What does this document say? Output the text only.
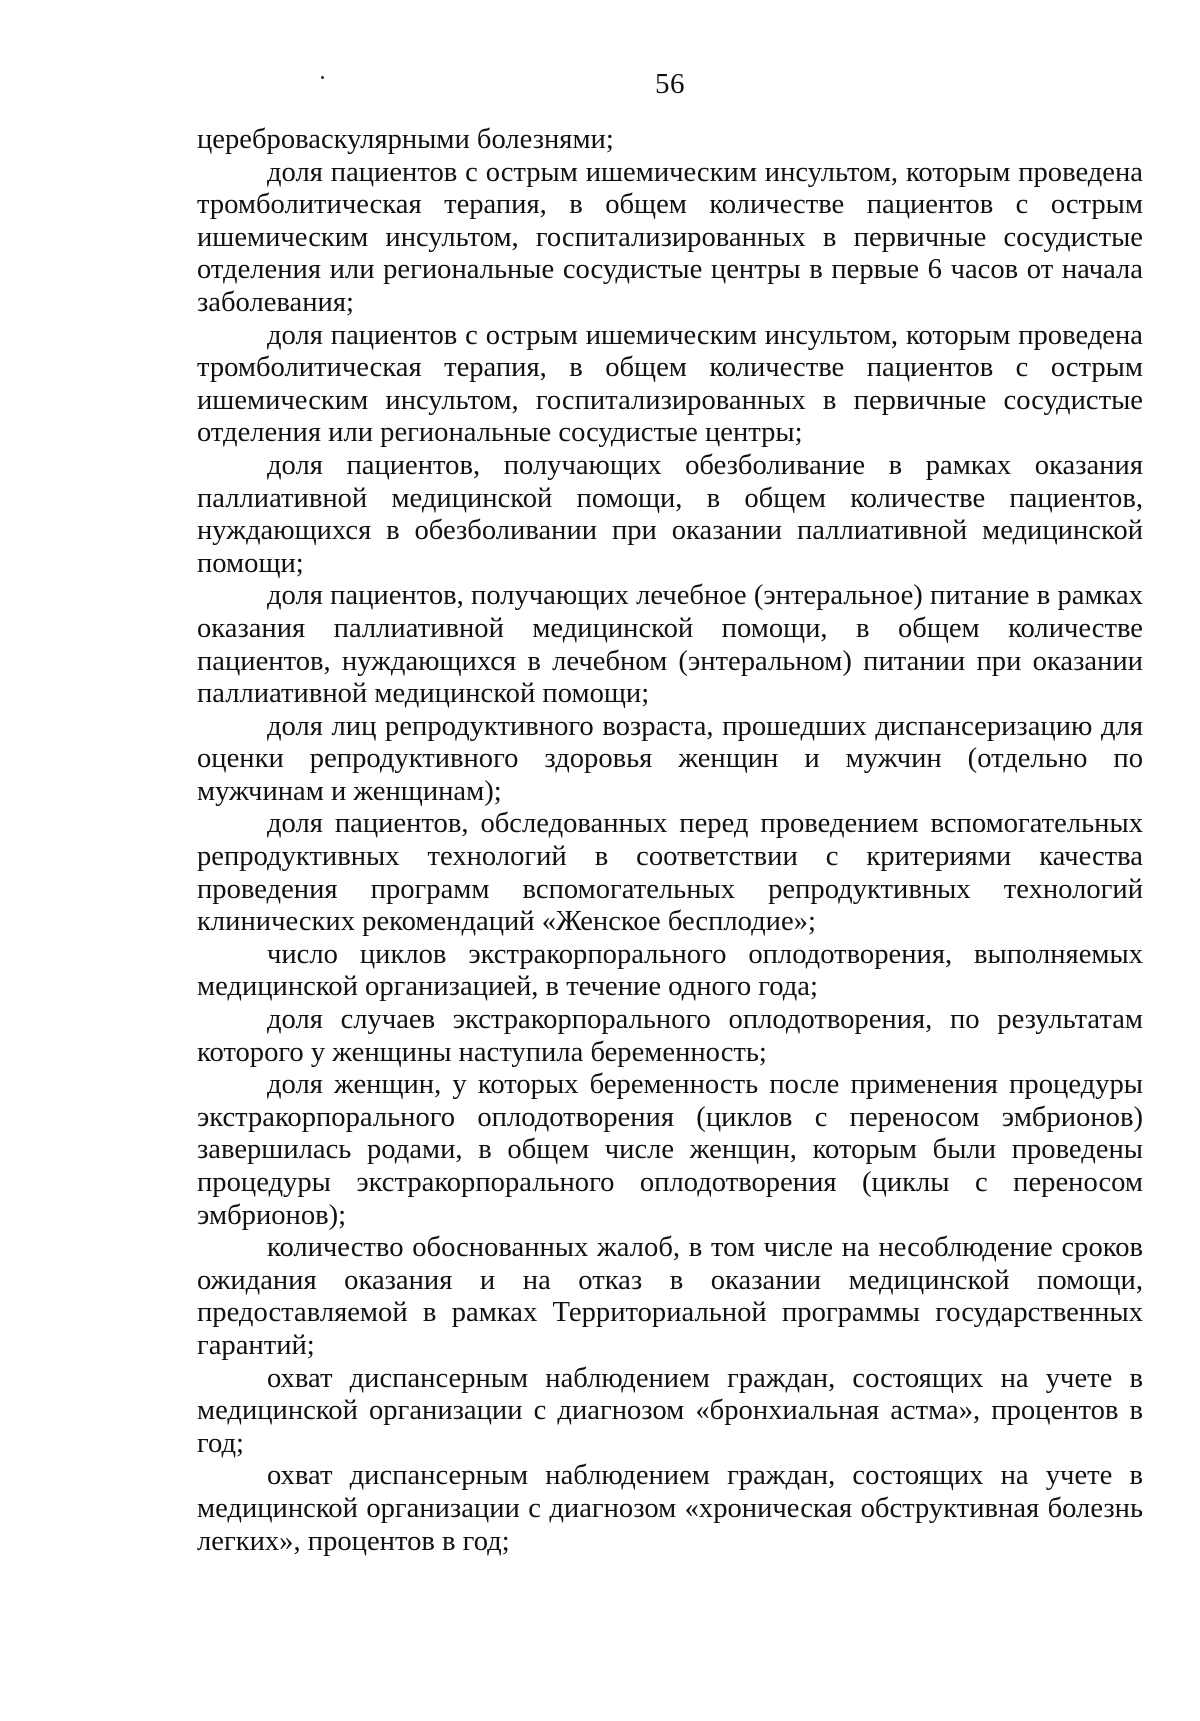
56

цереброваскулярными болезнями;

доля пациентов с острым ишемическим инсультом, которым проведена тромболитическая терапия, в общем количестве пациентов с острым ишемическим инсультом, госпитализированных в первичные сосудистые отделения или региональные сосудистые центры в первые 6 часов от начала заболевания;

доля пациентов с острым ишемическим инсультом, которым проведена тромболитическая терапия, в общем количестве пациентов с острым ишемическим инсультом, госпитализированных в первичные сосудистые отделения или региональные сосудистые центры;

доля пациентов, получающих обезболивание в рамках оказания паллиативной медицинской помощи, в общем количестве пациентов, нуждающихся в обезболивании при оказании паллиативной медицинской помощи;

доля пациентов, получающих лечебное (энтеральное) питание в рамках оказания паллиативной медицинской помощи, в общем количестве пациентов, нуждающихся в лечебном (энтеральном) питании при оказании паллиативной медицинской помощи;

доля лиц репродуктивного возраста, прошедших диспансеризацию для оценки репродуктивного здоровья женщин и мужчин (отдельно по мужчинам и женщинам);

доля пациентов, обследованных перед проведением вспомогательных репродуктивных технологий в соответствии с критериями качества проведения программ вспомогательных репродуктивных технологий клинических рекомендаций «Женское бесплодие»;

число циклов экстракорпорального оплодотворения, выполняемых медицинской организацией, в течение одного года;

доля случаев экстракорпорального оплодотворения, по результатам которого у женщины наступила беременность;

доля женщин, у которых беременность после применения процедуры экстракорпорального оплодотворения (циклов с переносом эмбрионов) завершилась родами, в общем числе женщин, которым были проведены процедуры экстракорпорального оплодотворения (циклы с переносом эмбрионов);

количество обоснованных жалоб, в том числе на несоблюдение сроков ожидания оказания и на отказ в оказании медицинской помощи, предоставляемой в рамках Территориальной программы государственных гарантий;

охват диспансерным наблюдением граждан, состоящих на учете в медицинской организации с диагнозом «бронхиальная астма», процентов в год;

охват диспансерным наблюдением граждан, состоящих на учете в медицинской организации с диагнозом «хроническая обструктивная болезнь легких», процентов в год;
